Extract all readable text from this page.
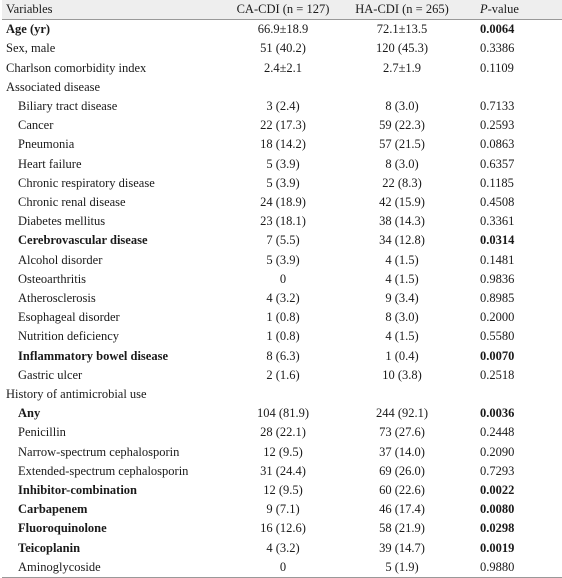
Variables	CA-CDI (n = 127)	HA-CDI (n = 265)	P-value
Age (yr)	66.9±18.9	72.1±13.5	0.0064
Sex, male	51 (40.2)	120 (45.3)	0.3386
Charlson comorbidity index	2.4±2.1	2.7±1.9	0.1109
Associated disease			
Biliary tract disease	3 (2.4)	8 (3.0)	0.7133
Cancer	22 (17.3)	59 (22.3)	0.2593
Pneumonia	18 (14.2)	57 (21.5)	0.0863
Heart failure	5 (3.9)	8 (3.0)	0.6357
Chronic respiratory disease	5 (3.9)	22 (8.3)	0.1185
Chronic renal disease	24 (18.9)	42 (15.9)	0.4508
Diabetes mellitus	23 (18.1)	38 (14.3)	0.3361
Cerebrovascular disease	7 (5.5)	34 (12.8)	0.0314
Alcohol disorder	5 (3.9)	4 (1.5)	0.1481
Osteoarthritis	0	4 (1.5)	0.9836
Atherosclerosis	4 (3.2)	9 (3.4)	0.8985
Esophageal disorder	1 (0.8)	8 (3.0)	0.2000
Nutrition deficiency	1 (0.8)	4 (1.5)	0.5580
Inflammatory bowel disease	8 (6.3)	1 (0.4)	0.0070
Gastric ulcer	2 (1.6)	10 (3.8)	0.2518
History of antimicrobial use			
Any	104 (81.9)	244 (92.1)	0.0036
Penicillin	28 (22.1)	73 (27.6)	0.2448
Narrow-spectrum cephalosporin	12 (9.5)	37 (14.0)	0.2090
Extended-spectrum cephalosporin	31 (24.4)	69 (26.0)	0.7293
Inhibitor-combination	12 (9.5)	60 (22.6)	0.0022
Carbapenem	9 (7.1)	46 (17.4)	0.0080
Fluoroquinolone	16 (12.6)	58 (21.9)	0.0298
Teicoplanin	4 (3.2)	39 (14.7)	0.0019
Aminoglycoside	0	5 (1.9)	0.9880
